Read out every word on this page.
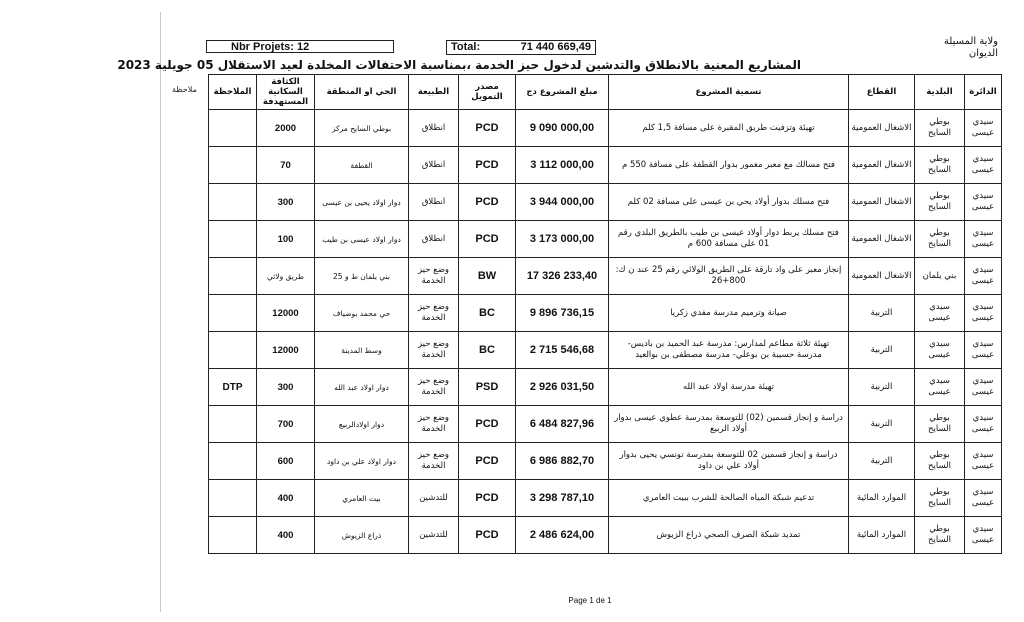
Nbr Projets: 12	Total:	71 440 669,49	ولاية المسيلة
الديوان
المشاريع المعنية بالانطلاق والتدشين لدخول حيز الخدمة ،بمناسبة الاحتفالات المخلدة لعيد الاستقلال 05 جويلية 2023
ملاحظة	الدائرة	البلدية	القطاع	تسمية المشروع	مبلغ المشروع دج	مصدر التمويل	الطبيعة	الحي او المنطقة	الكثافة السكانية المستهدفة	الملاحظة
سيدي عيسى	بوطي السايح	الاشغال العمومية	تهيئة وتزفيت طريق المقبرة على مسافة 1,5 كلم	9 090 000,00	PCD	انطلاق	بوطي السايح مركز	2000	
سيدي عيسى	بوطي السايح	الاشغال العمومية	فتح مسالك مع معبر مغمور بدوار القطفة على مسافة 550 م	3 112 000,00	PCD	انطلاق	القطفة	70	
سيدي عيسى	بوطي السايح	الاشغال العمومية	فتح مسلك بدوار أولاد يحي بن عيسى على مسافة 02 كلم	3 944 000,00	PCD	انطلاق	دوار اولاد يحيى بن عيسى	300	
سيدي عيسى	بوطي السايح	الاشغال العمومية	فتح مسلك يربط دوار أولاد عيسى بن طيب بالطريق البلدي رقم 01 على مسافة 600 م	3 173 000,00	PCD	انطلاق	دوار اولاد عيسى بن طيب	100	
سيدي عيسى	بني يلمان	الاشغال العمومية	إنجاز معبر على واد تارقة على الطريق الولائي رقم 25 عند ن ك: 800+26	17 326 233,40	BW	وضع حيز الخدمة	بني يلمان ط و 25	طريق ولائي	
سيدي عيسى	سيدي عيسى	التربية	صيانة وترميم مدرسة مفدي زكريا	9 896 736,15	BC	وضع حيز الخدمة	حي محمد بوضياف	12000	
سيدي عيسى	سيدي عيسى	التربية	تهيئة ثلاثة مطاعم لمدارس: مدرسة عبد الحميد بن باديس- مدرسة حسيبة بن بوعلي- مدرسة مصطفى بن بوالعيد	2 715 546,68	BC	وضع حيز الخدمة	وسط المدينة	12000	
سيدي عيسى	سيدي عيسى	التربية	تهيئة مدرسة اولاد عبد الله	2 926 031,50	PSD	وضع حيز الخدمة	دوار اولاد عبد الله	300	DTP
سيدي عيسى	بوطي السايح	التربية	دراسة و إنجاز قسمين (02) للتوسعة بمدرسة عطوي عيسى بدوار أولاد الربيع	6 484 827,96	PCD	وضع حيز الخدمة	دوار اولادالربيع	700	
سيدي عيسى	بوطي السايح	التربية	دراسة و إنجاز قسمين 02 للتوسعة بمدرسة تونسي يحيى بدوار أولاد علي بن داود	6 986 882,70	PCD	وضع حيز الخدمة	دوار اولاد علي بن داود	600	
سيدي عيسى	بوطي السايح	الموارد المائية	تدعيم شبكة المياه الصالحة للشرب ببيت العامري	3 298 787,10	PCD	للتدشين	بيت العامري	400	
سيدي عيسى	بوطي السايح	الموارد المائية	تمديد شبكة الصرف الصحي ذراع الزيوش	2 486 624,00	PCD	للتدشين	ذراع الزيوش	400	
Page 1 de 1
